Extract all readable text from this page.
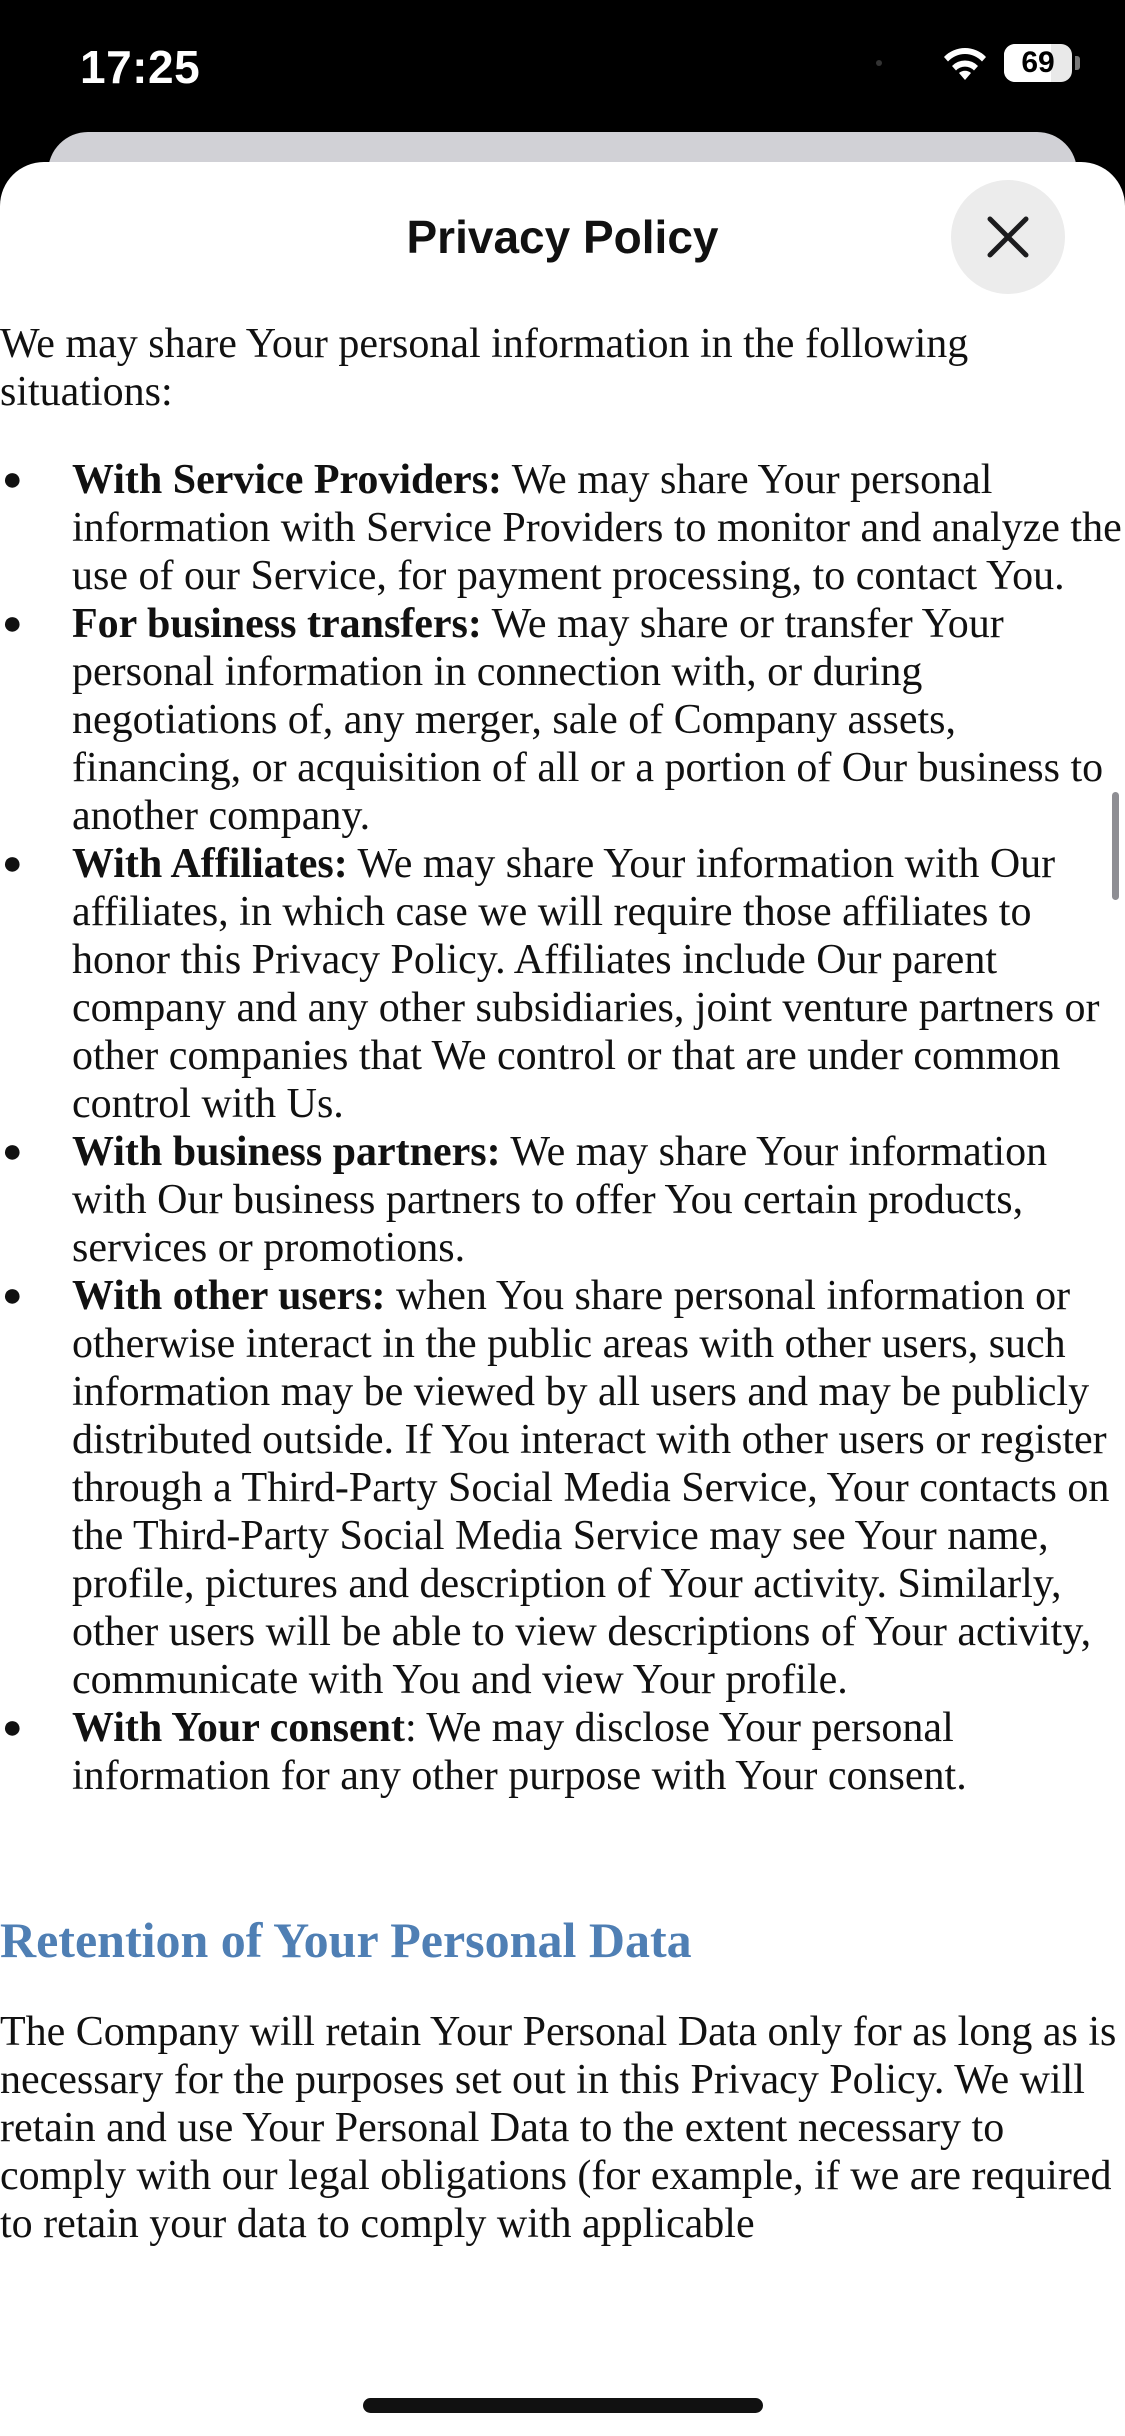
17:25	69
Privacy Policy

We may share Your personal information in the following situations:

● With Service Providers: We may share Your personal information with Service Providers to monitor and analyze the use of our Service, for payment processing, to contact You.
● For business transfers: We may share or transfer Your personal information in connection with, or during negotiations of, any merger, sale of Company assets, financing, or acquisition of all or a portion of Our business to another company.
● With Affiliates: We may share Your information with Our affiliates, in which case we will require those affiliates to honor this Privacy Policy. Affiliates include Our parent company and any other subsidiaries, joint venture partners or other companies that We control or that are under common control with Us.
● With business partners: We may share Your information with Our business partners to offer You certain products, services or promotions.
● With other users: when You share personal information or otherwise interact in the public areas with other users, such information may be viewed by all users and may be publicly distributed outside. If You interact with other users or register through a Third-Party Social Media Service, Your contacts on the Third-Party Social Media Service may see Your name, profile, pictures and description of Your activity. Similarly, other users will be able to view descriptions of Your activity, communicate with You and view Your profile.
● With Your consent: We may disclose Your personal information for any other purpose with Your consent.
Retention of Your Personal Data

The Company will retain Your Personal Data only for as long as is necessary for the purposes set out in this Privacy Policy. We will retain and use Your Personal Data to the extent necessary to comply with our legal obligations (for example, if we are required to retain your data to comply with applicable
